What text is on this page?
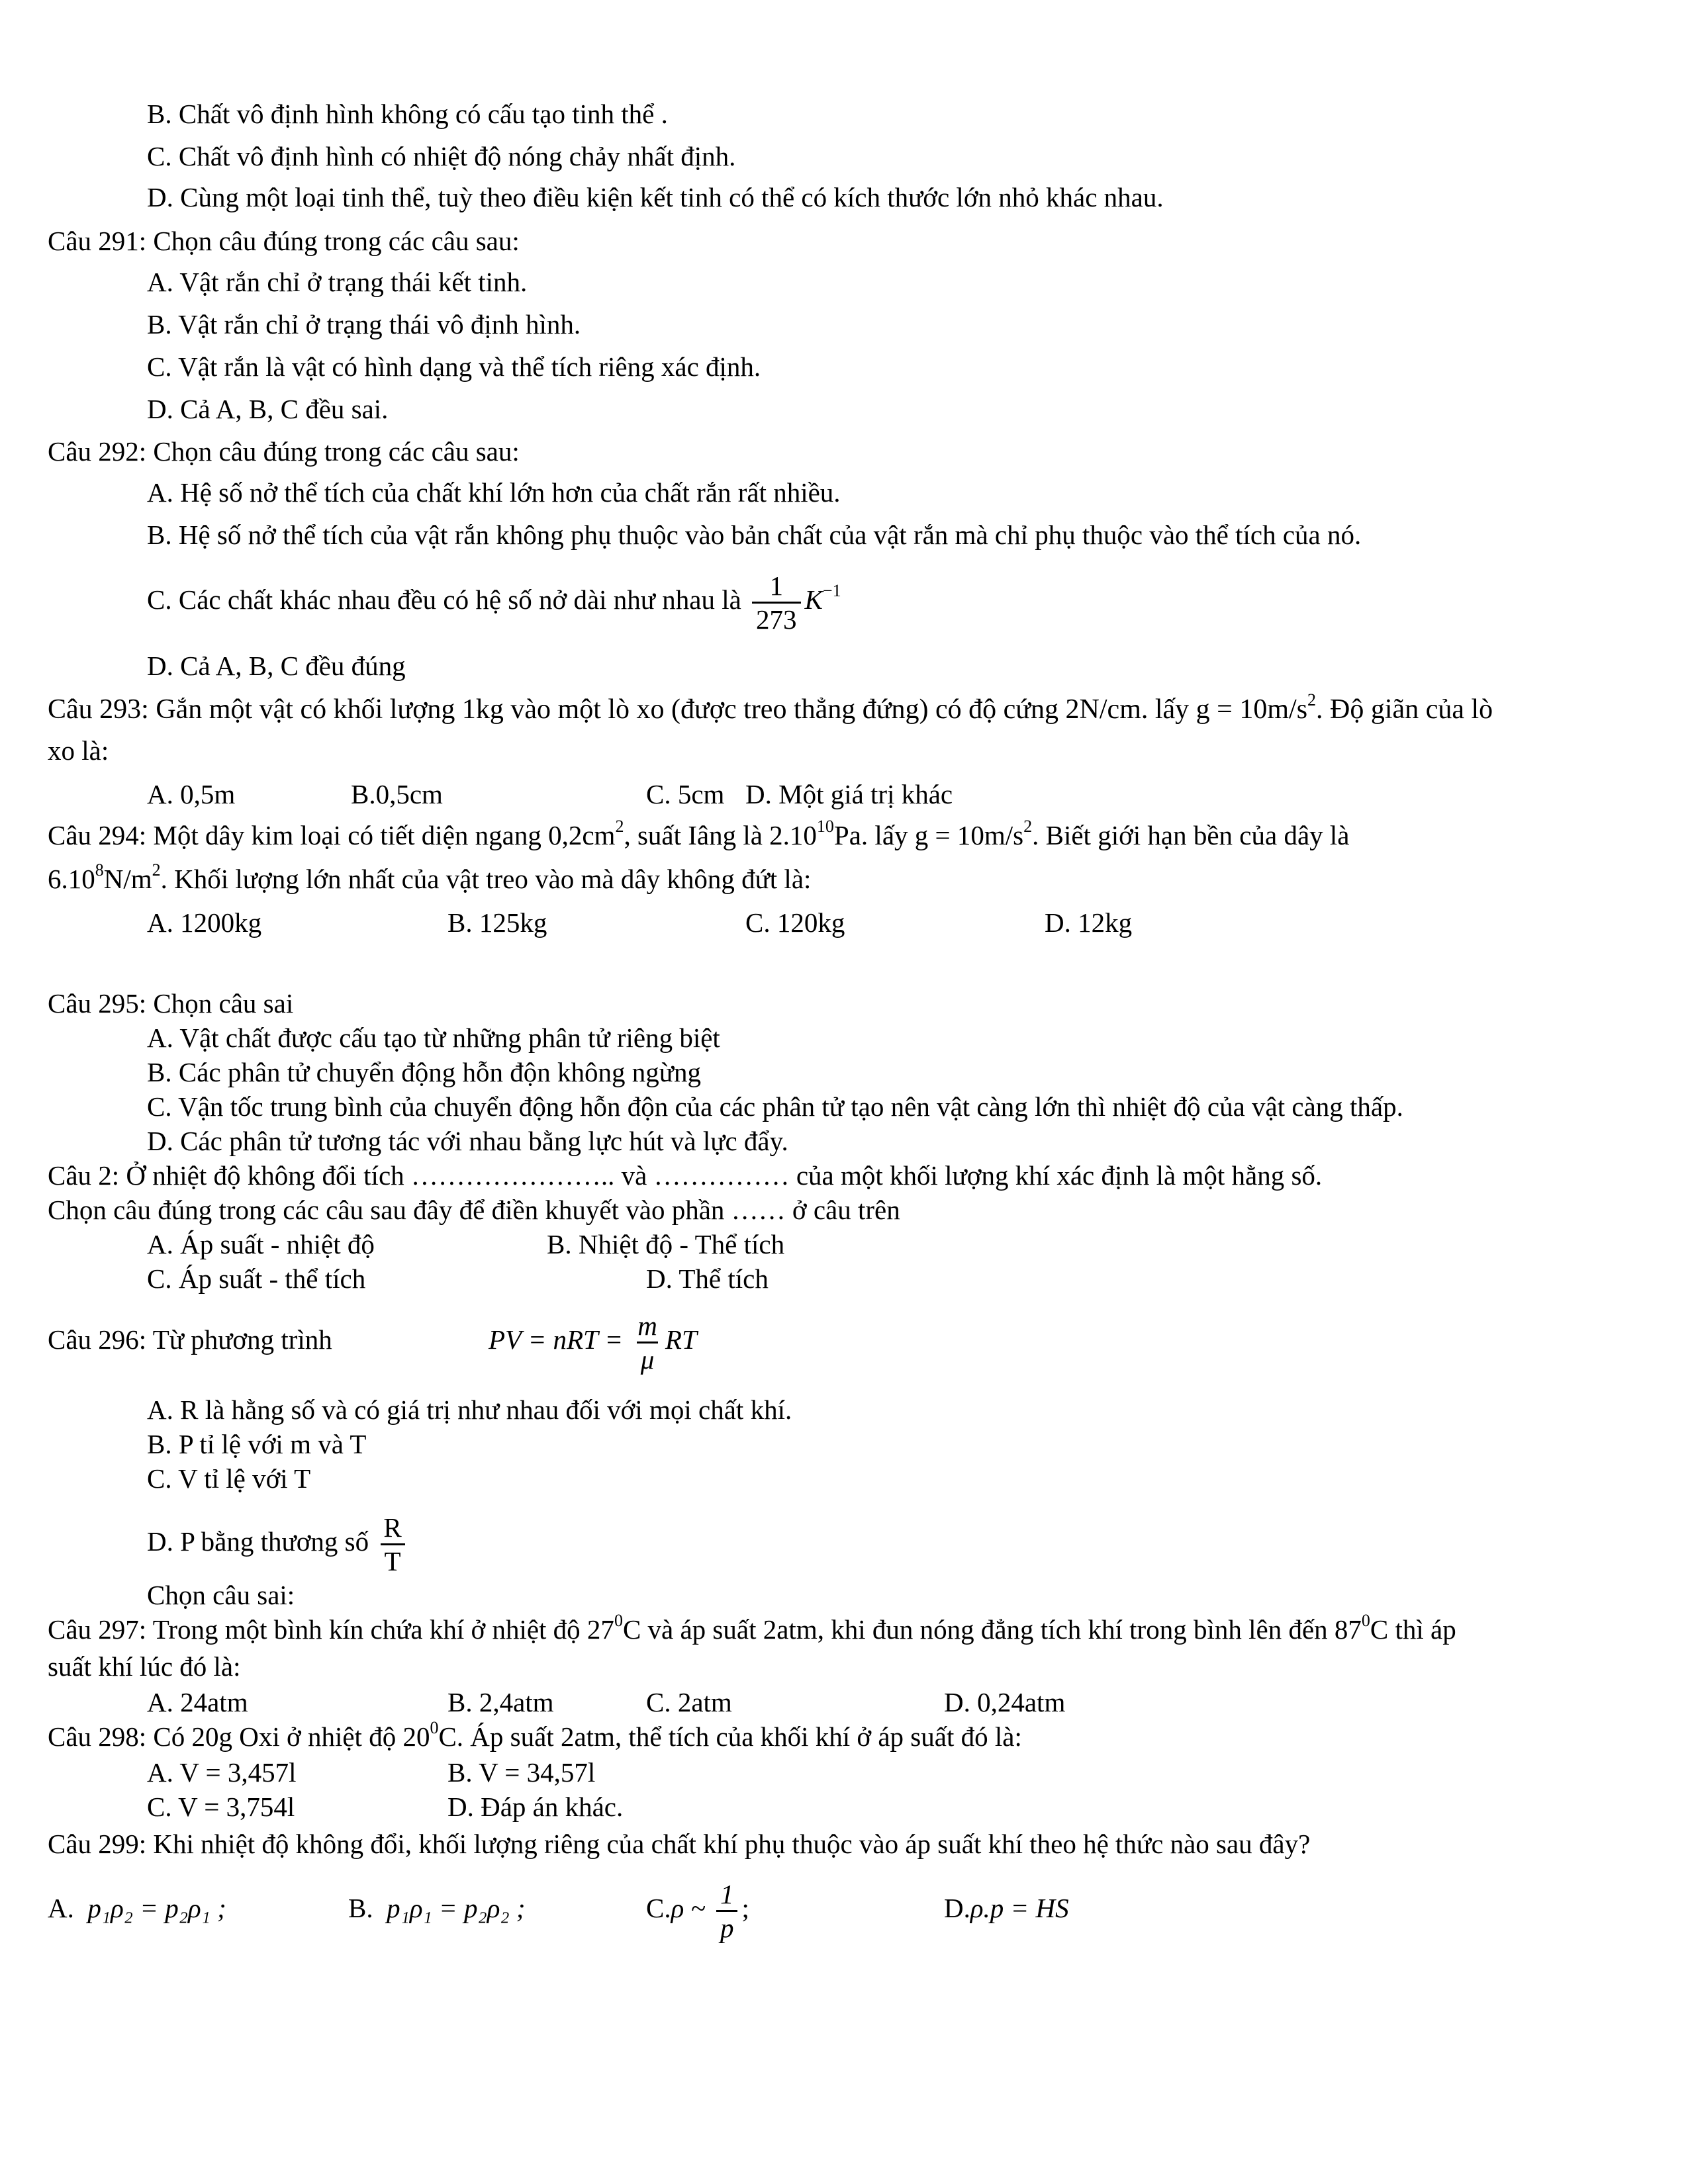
B. Chất vô định hình không có cấu tạo tinh thể .
C. Chất vô định hình có nhiệt độ nóng chảy nhất định.
D. Cùng một loại tinh thể, tuỳ theo điều kiện kết tinh có thể có kích thước lớn nhỏ khác nhau.
Câu 291: Chọn câu đúng trong các câu sau:
A. Vật rắn chỉ ở trạng thái kết tinh.
B. Vật rắn chỉ ở trạng thái vô định hình.
C. Vật rắn là vật có hình dạng và thể tích riêng xác định.
D. Cả A, B, C đều sai.
Câu 292: Chọn câu đúng trong các câu sau:
A. Hệ số nở thể tích của chất khí lớn hơn của chất rắn rất nhiều.
B. Hệ số nở thể tích của vật rắn không phụ thuộc vào bản chất của vật rắn mà chỉ phụ thuộc vào thể tích của nó.
C. Các chất khác nhau đều có hệ số nở dài như nhau là $\frac{1}{273} K^{-1}$
D. Cả A, B, C đều đúng
Câu 293: Gắn một vật có khối lượng 1kg vào một lò xo (được treo thẳng đứng) có độ cứng 2N/cm. lấy $g = 10m/s^2$. Độ giãn của lò
xo là:
A. 0,5m	B.0,5cm	C. 5cm D. Một giá trị khác
Câu 294: Một dây kim loại có tiết diện ngang $0,2cm^2$, suất Iâng là 2.10$^{10}$Pa. lấy $g = 10m/s^2$. Biết giới hạn bền của dây là
$6.10^8N/m^2$. Khối lượng lớn nhất của vật treo vào mà dây không đứt là:
A. 1200kg	B. 125kg	C. 120kg	D. 12kg
Câu 295: Chọn câu sai
A. Vật chất được cấu tạo từ những phân tử riêng biệt
B. Các phân tử chuyển động hỗn độn không ngừng
C. Vận tốc trung bình của chuyển động hỗn độn của các phân tử tạo nên vật càng lớn thì nhiệt độ của vật càng thấp.
D. Các phân tử tương tác với nhau bằng lực hút và lực đẩy.
Câu 2: Ở nhiệt độ không đổi tích ………………….. và …………… của một khối lượng khí xác định là một hằng số.
Chọn câu đúng trong các câu sau đây để điền khuyết vào phần …… ở câu trên
A. Áp suất - nhiệt độ	B. Nhiệt độ - Thể tích
C. Áp suất - thể tích	D. Thể tích
Câu 296: Từ phương trình	PV = nRT = $\frac{m}{\mu}$ RT
A. R là hằng số và có giá trị như nhau đối với mọi chất khí.
B. P tỉ lệ với m và T
C. V tỉ lệ với T
D. P bằng thương số $\frac{R}{T}$
Chọn câu sai:
Câu 297: Trong một bình kín chứa khí ở nhiệt độ $27^0C$ và áp suất 2atm, khi đun nóng đẳng tích khí trong bình lên đến $87^0C$ thì áp
suất khí lúc đó là:
A. 24atm	B. 2,4atm	C. 2atm	D. 0,24atm
Câu 298: Có 20g Oxi ở nhiệt độ $20^0C$. Áp suất 2atm, thể tích của khối khí ở áp suất đó là:
A. V = 3,457l	B. V = 34,57l
C. V = 3,754l	D. Đáp án khác.
Câu 299: Khi nhiệt độ không đổi, khối lượng riêng của chất khí phụ thuộc vào áp suất khí theo hệ thức nào sau đây?
A. p₁ρ₂ = p₂ρ₁ ;	B. p₁ρ₁ = p₂ρ₂ ;	C.ρ ~ $\frac{1}{p}$ ;	D.ρ.p = HS
